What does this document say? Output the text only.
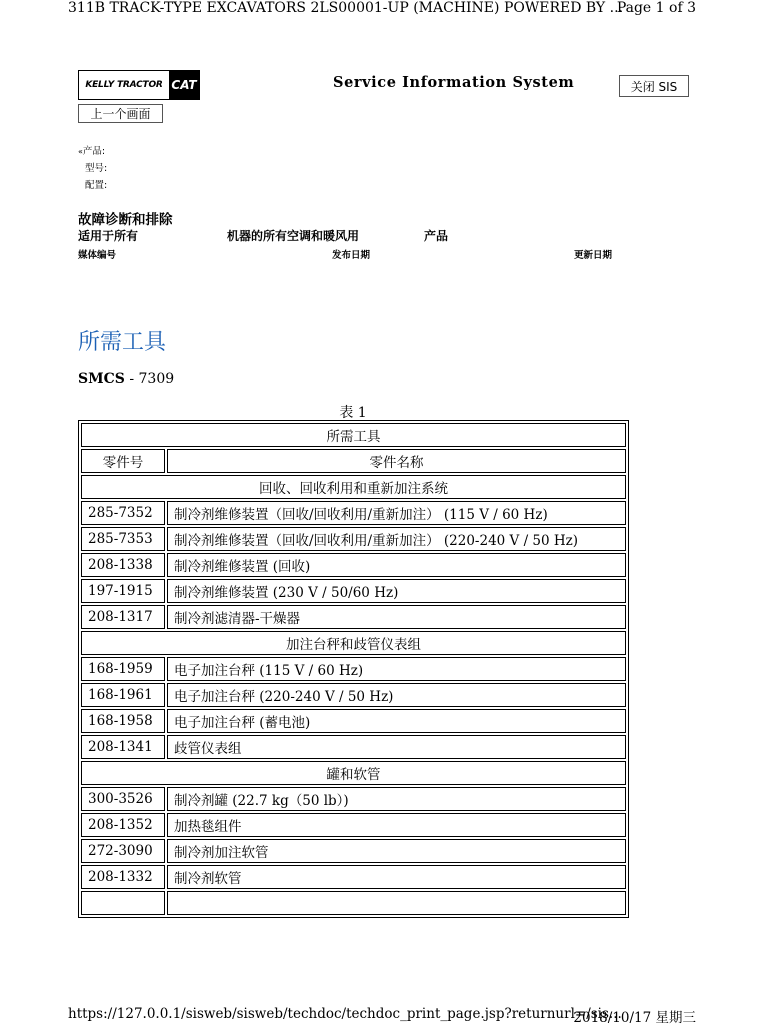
311B TRACK-TYPE EXCAVATORS 2LS00001-UP (MACHINE) POWERED BY ...
Page 1 of 3
KELLY TRACTOR CAT	Service Information System	关闭 SIS
上一个画面
«产品:
型号:
配置:
故障诊断和排除
适用于所有	机器的所有空调和暖风用	产品
媒体编号	发布日期	更新日期
所需工具
SMCS - 7309
表 1
所需工具	
零件号	零件名称
回收、回收利用和重新加注系统	
285-7352	制冷剂维修装置（回收/回收利用/重新加注） (115 V / 60 Hz)
285-7353	制冷剂维修装置（回收/回收利用/重新加注） (220-240 V / 50 Hz)
208-1338	制冷剂维修装置 (回收)
197-1915	制冷剂维修装置 (230 V / 50/60 Hz)
208-1317	制冷剂滤清器-干燥器
加注台秤和歧管仪表组	
168-1959	电子加注台秤 (115 V / 60 Hz)
168-1961	电子加注台秤 (220-240 V / 50 Hz)
168-1958	电子加注台秤 (蓄电池)
208-1341	歧管仪表组
罐和软管	
300-3526	制冷剂罐 (22.7 kg（50 lb）)
208-1352	加热毯组件
272-3090	制冷剂加注软管
208-1332	制冷剂软管

https://127.0.0.1/sisweb/sisweb/techdoc/techdoc_print_page.jsp?returnurl=/sis...
2018/10/17 星期三
